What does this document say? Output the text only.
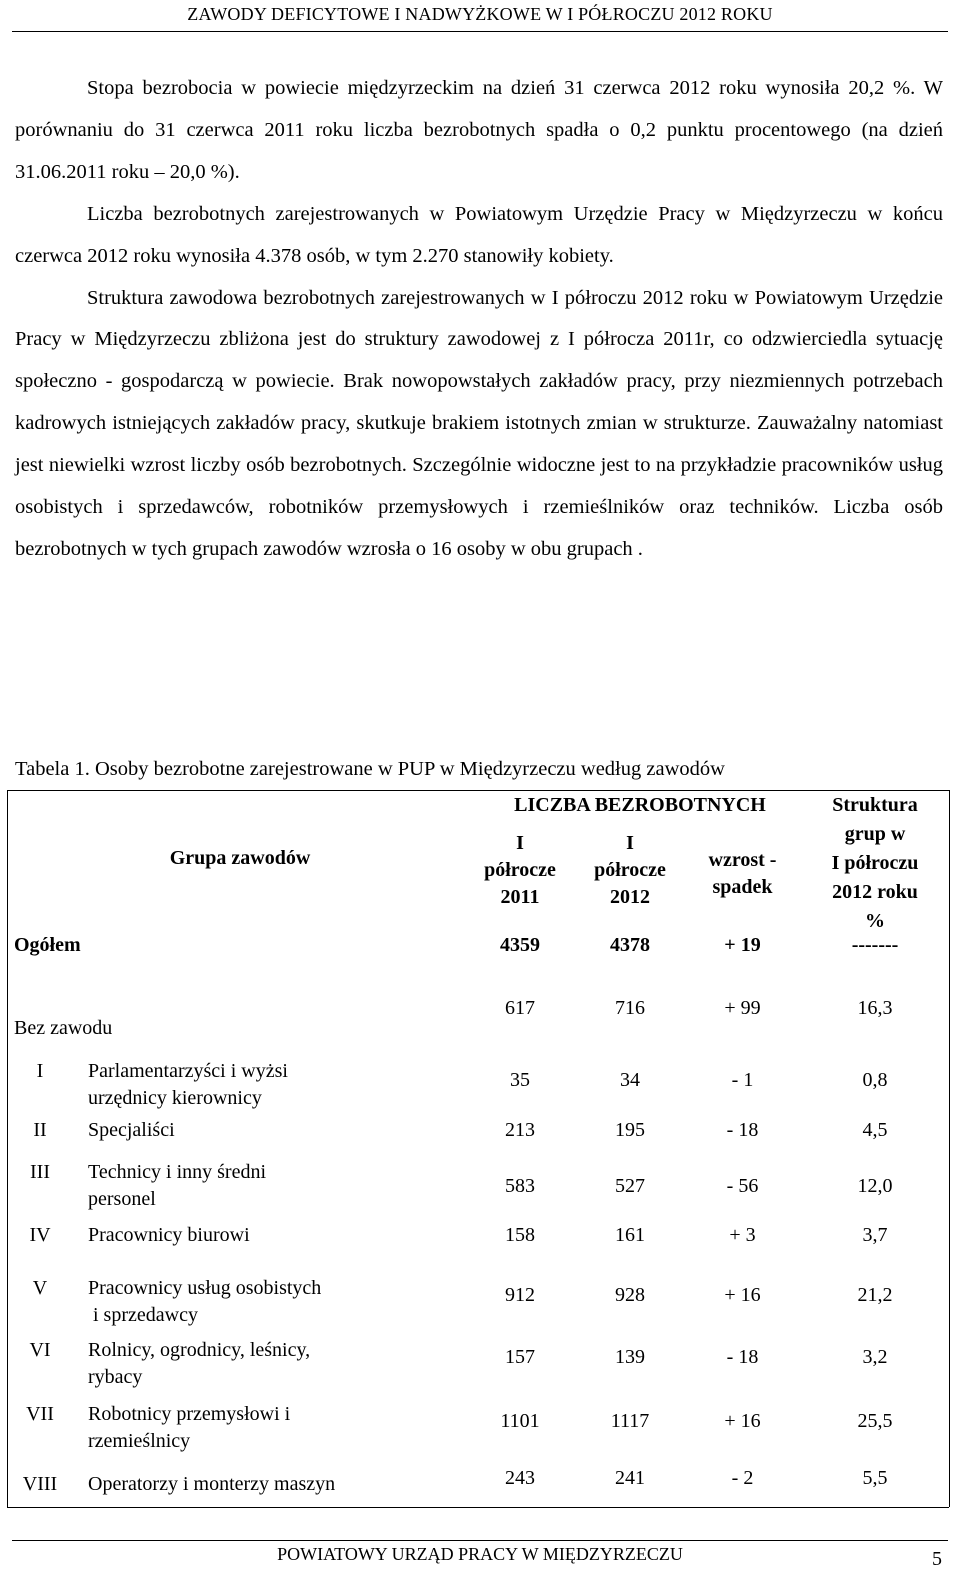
ZAWODY DEFICYTOWE I NADWYŻKOWE W I PÓŁROCZU 2012 ROKU

Stopa bezrobocia w powiecie międzyrzeckim na dzień 31 czerwca 2012 roku wynosiła 20,2 %. W porównaniu do 31 czerwca 2011 roku liczba bezrobotnych spadła o 0,2 punktu procentowego (na dzień 31.06.2011 roku – 20,0 %).

Liczba bezrobotnych zarejestrowanych w Powiatowym Urzędzie Pracy w Międzyrzeczu w końcu czerwca 2012 roku wynosiła 4.378 osób, w tym 2.270 stanowiły kobiety.

Struktura zawodowa bezrobotnych zarejestrowanych w I półroczu 2012 roku w Powiatowym Urzędzie Pracy w Międzyrzeczu zbliżona jest do struktury zawodowej z I półrocza 2011r, co odzwierciedla sytuację społeczno - gospodarczą w powiecie. Brak nowopowstałych zakładów pracy, przy niezmiennych potrzebach kadrowych istniejących zakładów pracy, skutkuje brakiem istotnych zmian w strukturze. Zauważalny natomiast jest niewielki wzrost liczby osób bezrobotnych. Szczególnie widoczne jest to na przykładzie pracowników usług osobistych i sprzedawców, robotników przemysłowych i rzemieślników oraz techników. Liczba osób bezrobotnych w tych grupach zawodów wzrosła o 16 osoby w obu grupach .

Tabela 1. Osoby bezrobotne zarejestrowane w PUP w Międzyrzeczu według zawodów
Grupa zawodów
LICZBA BEZROBOTNYCH
I
półrocze
2011
I
półrocze
2012
wzrost -
spadek
Struktura
grup w
I półroczu
2012 roku
%
Ogółem	4359	4378	+ 19	-------
Bez zawodu
617	716	+ 99	16,3
I	Parlamentarzyści i wyżsi
urzędnicy kierownicy
35	34	- 1	0,8
II	Specjaliści	213	195	- 18	4,5
III	Technicy i inny średni
personel
583	527	- 56	12,0
IV	Pracownicy biurowi	158	161	+ 3	3,7
V	Pracownicy usług osobistych
i sprzedawcy
912	928	+ 16	21,2
VI	Rolnicy, ogrodnicy, leśnicy,
rybacy
157	139	- 18	3,2
VII	Robotnicy przemysłowi i
rzemieślnicy
1101	1117	+ 16	25,5
VIII	Operatorzy i monterzy maszyn	243	241	- 2	5,5
POWIATOWY URZĄD PRACY W MIĘDZYRZECZU	5
